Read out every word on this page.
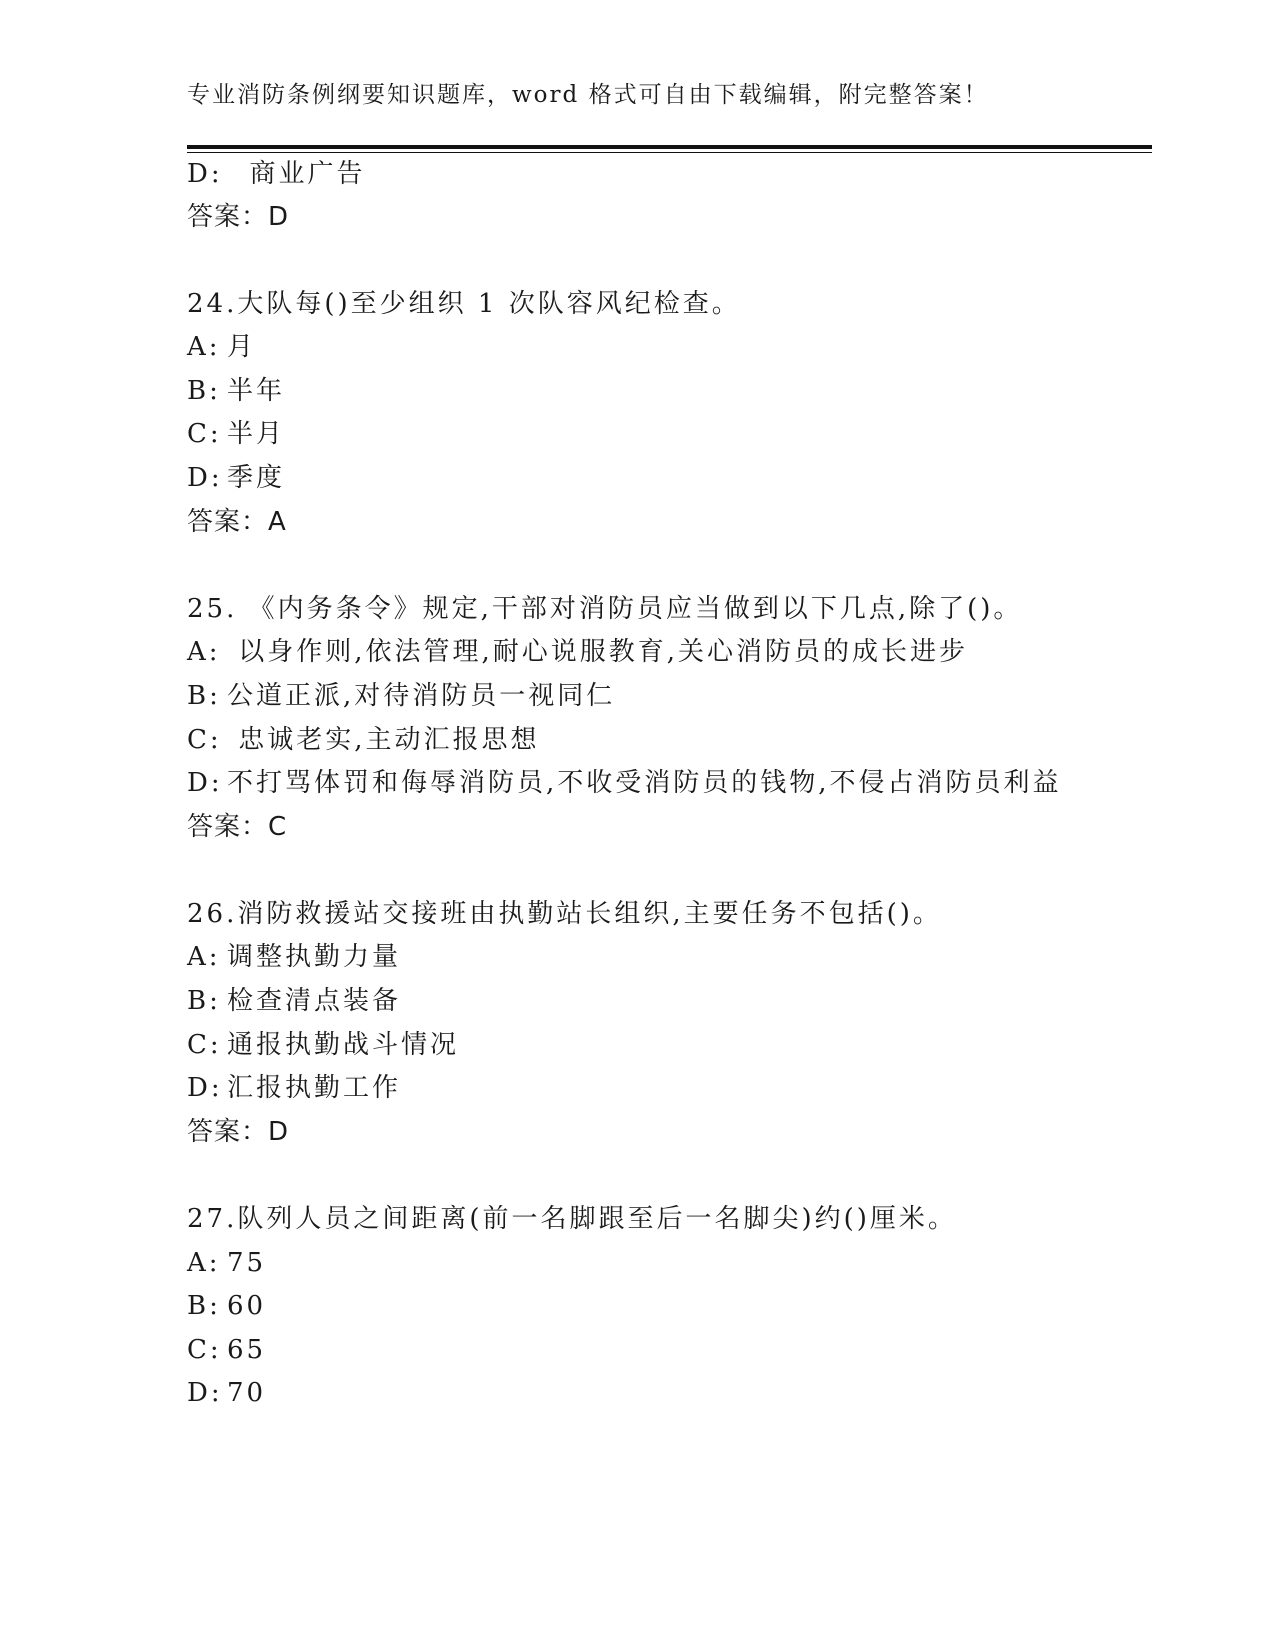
专业消防条例纲要知识题库，word 格式可自由下载编辑，附完整答案！
D:  商业广告
答案：D
24.大队每()至少组织 1 次队容风纪检查。
A: 月
B: 半年
C: 半月
D: 季度
答案：A
25. 《内务条令》规定,干部对消防员应当做到以下几点,除了()。
A: 以身作则,依法管理,耐心说服教育,关心消防员的成长进步
B: 公道正派,对待消防员一视同仁
C: 忠诚老实,主动汇报思想
D: 不打骂体罚和侮辱消防员,不收受消防员的钱物,不侵占消防员利益
答案：C
26.消防救援站交接班由执勤站长组织,主要任务不包括()。
A: 调整执勤力量
B: 检查清点装备
C: 通报执勤战斗情况
D: 汇报执勤工作
答案：D
27.队列人员之间距离(前一名脚跟至后一名脚尖)约()厘米。
A: 75
B: 60
C: 65
D: 70
